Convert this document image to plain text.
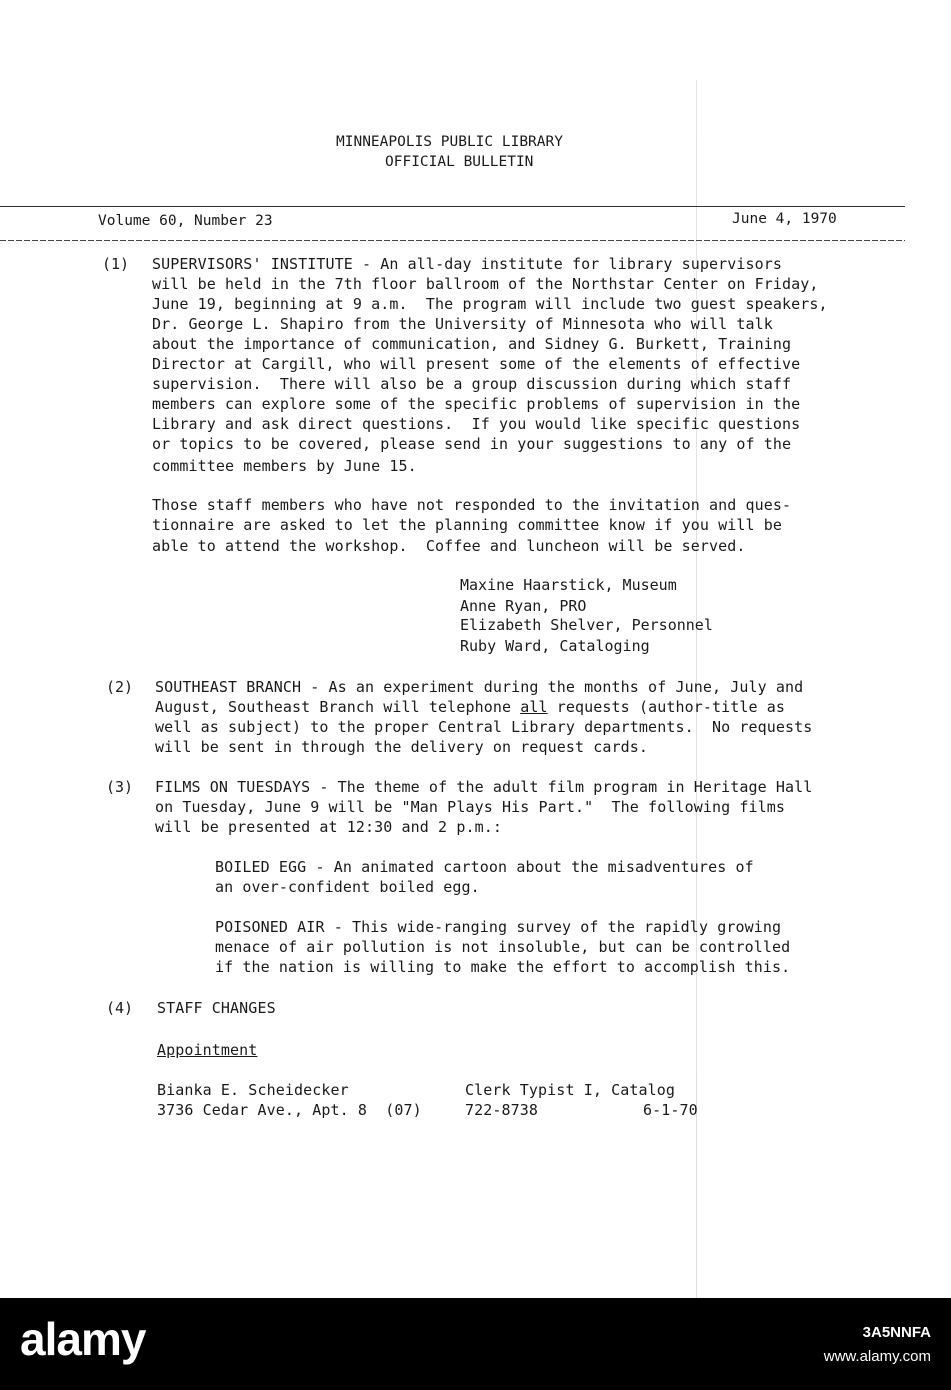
MINNEAPOLIS PUBLIC LIBRARY
OFFICIAL BULLETIN
Volume 60, Number 23	June 4, 1970
(1) SUPERVISORS' INSTITUTE - An all-day institute for library supervisors
will be held in the 7th floor ballroom of the Northstar Center on Friday,
June 19, beginning at 9 a.m.  The program will include two guest speakers,
Dr. George L. Shapiro from the University of Minnesota who will talk
about the importance of communication, and Sidney G. Burkett, Training
Director at Cargill, who will present some of the elements of effective
supervision.  There will also be a group discussion during which staff
members can explore some of the specific problems of supervision in the
Library and ask direct questions.  If you would like specific questions
or topics to be covered, please send in your suggestions to any of the
committee members by June 15.
Those staff members who have not responded to the invitation and ques-
tionnaire are asked to let the planning committee know if you will be
able to attend the workshop.  Coffee and luncheon will be served.
Maxine Haarstick, Museum
Anne Ryan, PRO
Elizabeth Shelver, Personnel
Ruby Ward, Cataloging
(2) SOUTHEAST BRANCH - As an experiment during the months of June, July and
August, Southeast Branch will telephone all requests (author-title as
well as subject) to the proper Central Library departments.  No requests
will be sent in through the delivery on request cards.
(3) FILMS ON TUESDAYS - The theme of the adult film program in Heritage Hall
on Tuesday, June 9 will be "Man Plays His Part."  The following films
will be presented at 12:30 and 2 p.m.:
BOILED EGG - An animated cartoon about the misadventures of
an over-confident boiled egg.
POISONED AIR - This wide-ranging survey of the rapidly growing
menace of air pollution is not insoluble, but can be controlled
if the nation is willing to make the effort to accomplish this.
(4) STAFF CHANGES
Appointment
Bianka E. Scheidecker	Clerk Typist I, Catalog
3736 Cedar Ave., Apt. 8  (07)	722-8738	6-1-70
alamy	3A5NNFA
www.alamy.com
